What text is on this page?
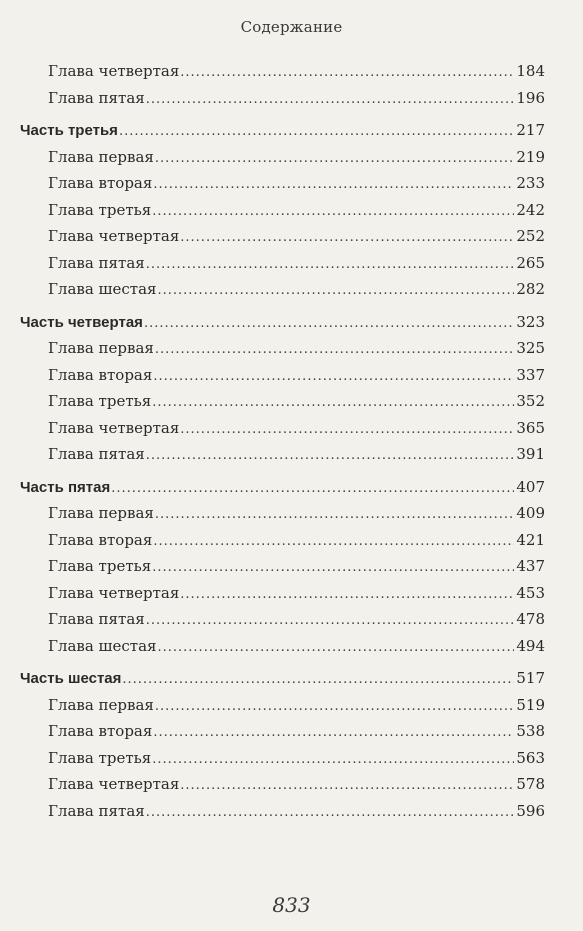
Содержание
Глава четвертая .....	184
Глава пятая .....	196
Часть третья .....	217
Глава первая .....	219
Глава вторая .....	233
Глава третья .....	242
Глава четвертая .....	252
Глава пятая .....	265
Глава шестая .....	282
Часть четвертая .....	323
Глава первая .....	325
Глава вторая .....	337
Глава третья .....	352
Глава четвертая .....	365
Глава пятая .....	391
Часть пятая .....	407
Глава первая .....	409
Глава вторая .....	421
Глава третья .....	437
Глава четвертая .....	453
Глава пятая .....	478
Глава шестая .....	494
Часть шестая .....	517
Глава первая .....	519
Глава вторая .....	538
Глава третья .....	563
Глава четвертая .....	578
Глава пятая .....	596
833
